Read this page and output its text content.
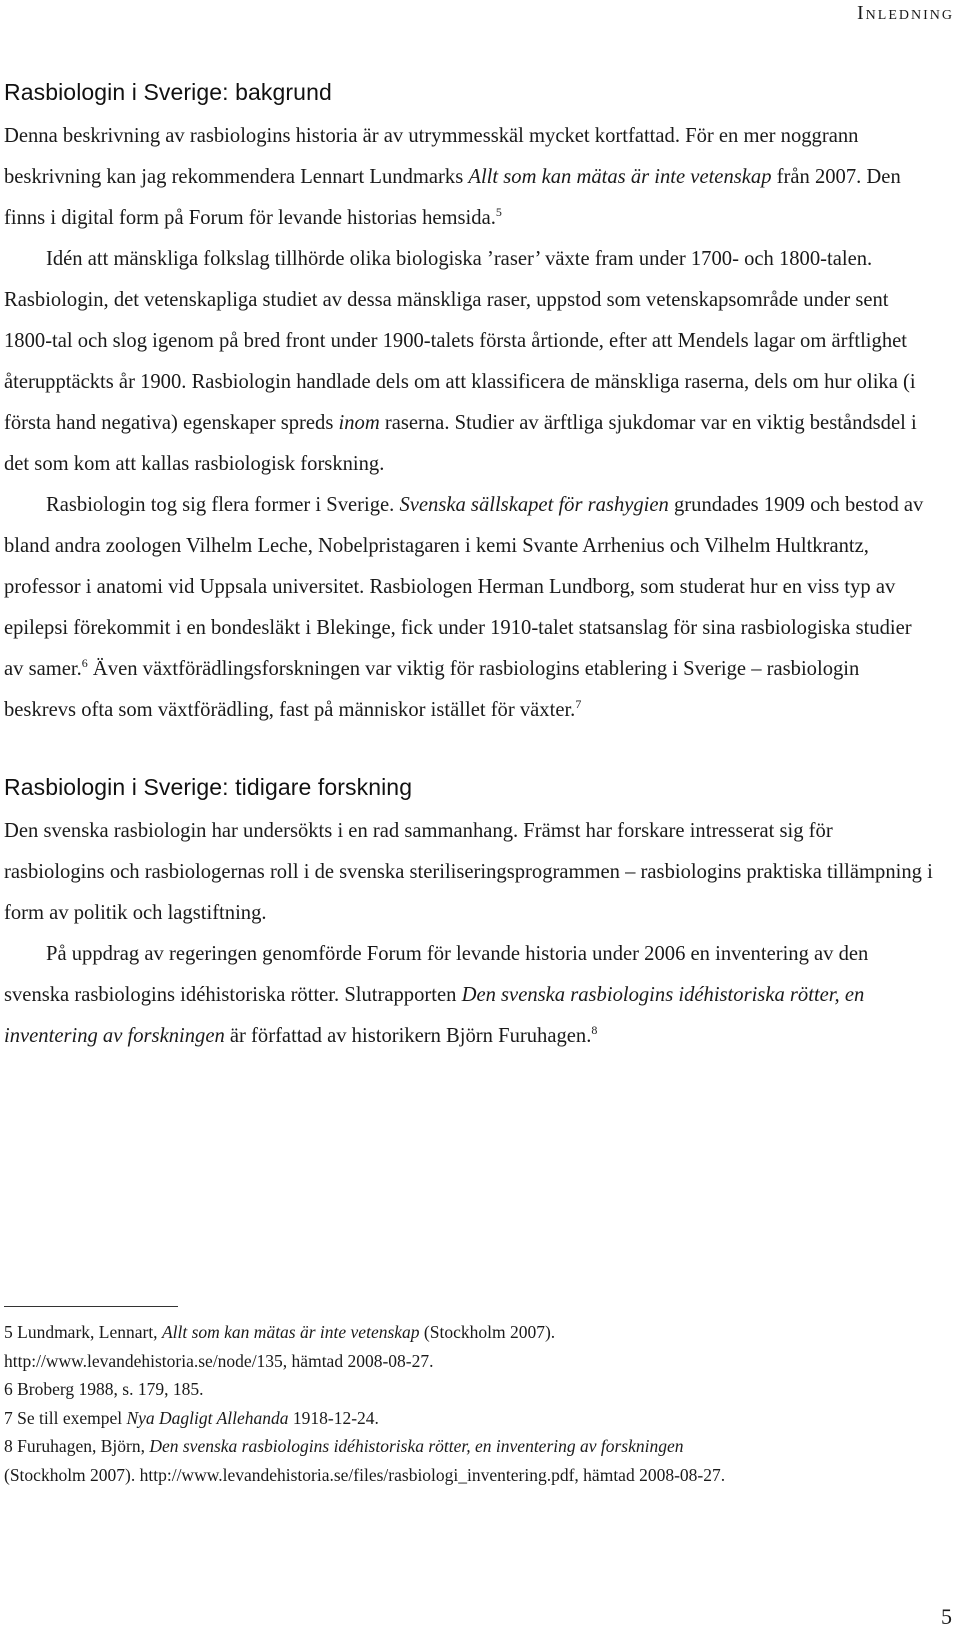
Inledning
Rasbiologin i Sverige: bakgrund

Denna beskrivning av rasbiologins historia är av utrymmesskäl mycket kortfattad. För en mer noggrann beskrivning kan jag rekommendera Lennart Lundmarks Allt som kan mätas är inte vetenskap från 2007. Den finns i digital form på Forum för levande historias hemsida.$^5$

Idén att mänskliga folkslag tillhörde olika biologiska ’raser’ växte fram under 1700- och 1800-talen. Rasbiologin, det vetenskapliga studiet av dessa mänskliga raser, uppstod som vetenskapsområde under sent 1800-tal och slog igenom på bred front under 1900-talets första årtionde, efter att Mendels lagar om ärftlighet återupptäckts år 1900. Rasbiologin handlade dels om att klassificera de mänskliga raserna, dels om hur olika (i första hand negativa) egenskaper spreds inom raserna. Studier av ärftliga sjukdomar var en viktig beståndsdel i det som kom att kallas rasbiologisk forskning.

Rasbiologin tog sig flera former i Sverige. Svenska sällskapet för rashygien grundades 1909 och bestod av bland andra zoologen Vilhelm Leche, Nobelpristagaren i kemi Svante Arrhenius och Vilhelm Hultkrantz, professor i anatomi vid Uppsala universitet. Rasbiologen Herman Lundborg, som studerat hur en viss typ av epilepsi förekommit i en bondesläkt i Blekinge, fick under 1910-talet statsanslag för sina rasbiologiska studier av samer.$^6$ Även växtförädlingsforskningen var viktig för rasbiologins etablering i Sverige – rasbiologin beskrevs ofta som växtförädling, fast på människor istället för växter.$^7$

Rasbiologin i Sverige: tidigare forskning

Den svenska rasbiologin har undersökts i en rad sammanhang. Främst har forskare intresserat sig för rasbiologins och rasbiologernas roll i de svenska steriliseringsprogrammen – rasbiologins praktiska tillämpning i form av politik och lagstiftning.

På uppdrag av regeringen genomförde Forum för levande historia under 2006 en inventering av den svenska rasbiologins idéhistoriska rötter. Slutrapporten Den svenska rasbiologins idéhistoriska rötter, en inventering av forskningen är författad av historikern Björn Furuhagen.$^8$

5 Lundmark, Lennart, Allt som kan mätas är inte vetenskap (Stockholm 2007).
http://www.levandehistoria.se/node/135, hämtad 2008-08-27.
6 Broberg 1988, s. 179, 185.
7 Se till exempel Nya Dagligt Allehanda 1918-12-24.
8 Furuhagen, Björn, Den svenska rasbiologins idéhistoriska rötter, en inventering av forskningen
(Stockholm 2007). http://www.levandehistoria.se/files/rasbiologi_inventering.pdf, hämtad 2008-08-27.
5
